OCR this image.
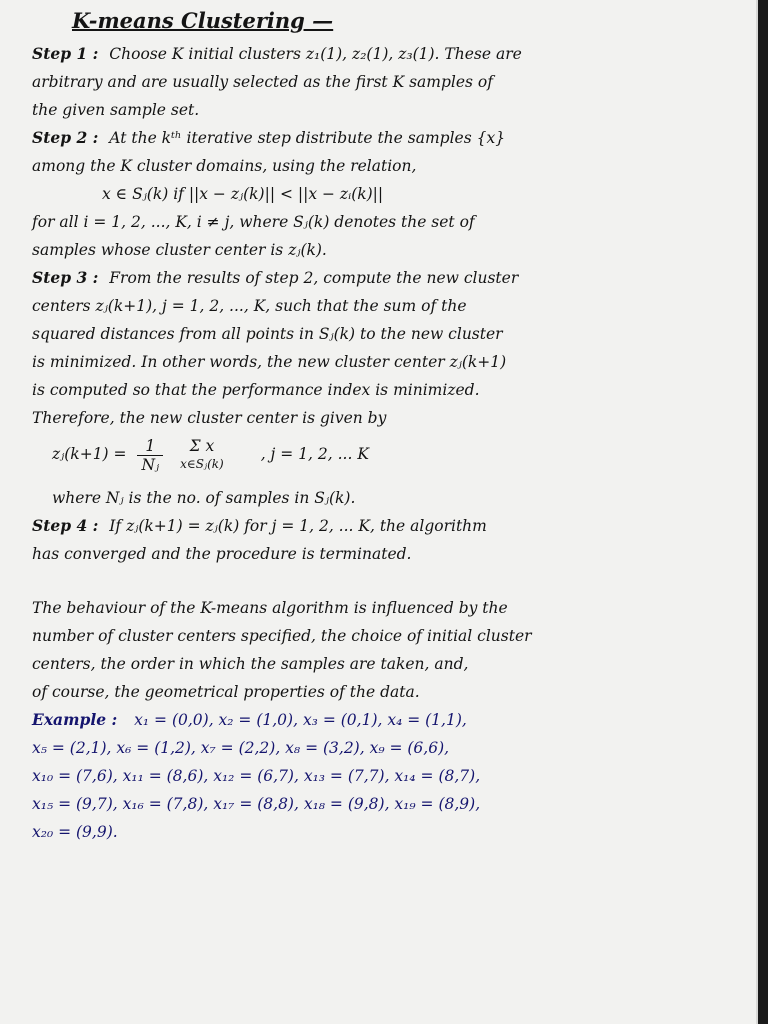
K-means Clustering —
Step 1 : Choose K initial clusters z₁(1), z₂(1), z₃(1). These are
arbitrary and are usually selected as the first K samples of
the given sample set.
Step 2 : At the kᵗʰ iterative step distribute the samples {x}
among the K cluster domains, using the relation,
x ∈ Sⱼ(k) if ||x − zⱼ(k)|| < ||x − zᵢ(k)||
for all i = 1, 2, ..., K, i ≠ j, where Sⱼ(k) denotes the set of
samples whose cluster center is zⱼ(k).
Step 3 : From the results of step 2, compute the new cluster
centers zⱼ(k+1), j = 1, 2, ..., K, such that the sum of the
squared distances from all points in Sⱼ(k) to the new cluster
is minimized. In other words, the new cluster center zⱼ(k+1)
is computed so that the performance index is minimized.
Therefore, the new cluster center is given by
zⱼ(k+1) = $\frac{1}{\text{Nⱼ}}$
	Σ x
x∈Sⱼ(k)
, j = 1, 2, ... K
where Nⱼ is the no. of samples in Sⱼ(k).
Step 4 : If zⱼ(k+1) = zⱼ(k) for j = 1, 2, ... K, the algorithm
has converged and the procedure is terminated.
The behaviour of the K-means algorithm is influenced by the
number of cluster centers specified, the choice of initial cluster
centers, the order in which the samples are taken, and,
of course, the geometrical properties of the data.
Example : x₁ = (0,0), x₂ = (1,0), x₃ = (0,1), x₄ = (1,1),
x₅ = (2,1), x₆ = (1,2), x₇ = (2,2), x₈ = (3,2), x₉ = (6,6),
x₁₀ = (7,6), x₁₁ = (8,6), x₁₂ = (6,7), x₁₃ = (7,7), x₁₄ = (8,7),
x₁₅ = (9,7), x₁₆ = (7,8), x₁₇ = (8,8), x₁₈ = (9,8), x₁₉ = (8,9),
x₂₀ = (9,9).
